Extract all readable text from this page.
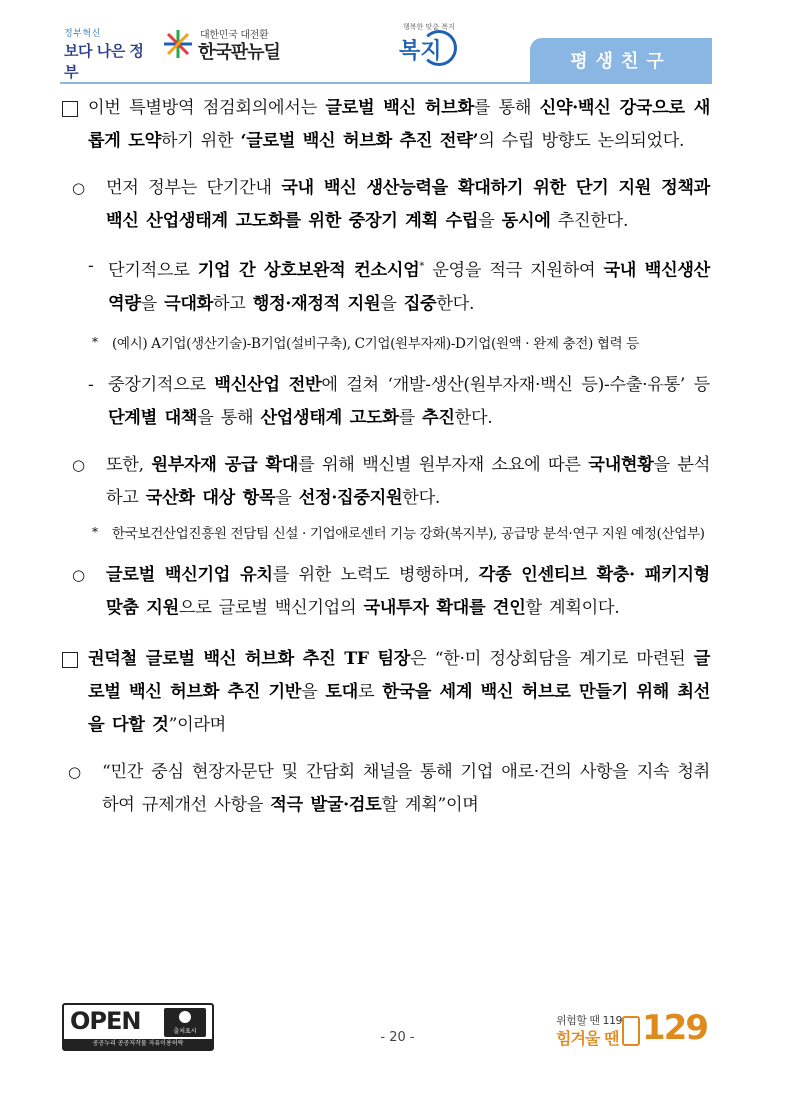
정부혁신
보다 나은 정부
대한민국 대전환
한국판뉴딜
행복한 맞춤 복지
복지	평생친구
이번 특별방역 점검회의에서는 글로벌 백신 허브화를 통해 신약·백신 강국으로 새롭게 도약하기 위한 ‘글로벌 백신 허브화 추진 전략’의 수립 방향도 논의되었다.
○ 먼저 정부는 단기간내 국내 백신 생산능력을 확대하기 위한 단기 지원 정책과 백신 산업생태계 고도화를 위한 중장기 계획 수립을 동시에 추진한다.
- 단기적으로 기업 간 상호보완적 컨소시엄* 운영을 적극 지원하여 국내 백신생산역량을 극대화하고 행정·재정적 지원을 집중한다.
* (예시) A기업(생산기술)-B기업(설비구축), C기업(원부자재)-D기업(원액 · 완제 충전) 협력 등
- 중장기적으로 백신산업 전반에 걸쳐 ‘개발-생산(원부자재·백신 등)-수출·유통’ 등 단계별 대책을 통해 산업생태계 고도화를 추진한다.
○ 또한, 원부자재 공급 확대를 위해 백신별 원부자재 소요에 따른 국내현황을 분석하고 국산화 대상 항목을 선정·집중지원한다.
* 한국보건산업진흥원 전담팀 신설 · 기업애로센터 기능 강화(복지부), 공급망 분석·연구 지원 예정(산업부)
○ 글로벌 백신기업 유치를 위한 노력도 병행하며, 각종 인센티브 확충· 패키지형 맞춤 지원으로 글로벌 백신기업의 국내투자 확대를 견인할 계획이다.
권덕철 글로벌 백신 허브화 추진 TF 팀장은 “한·미 정상회담을 계기로 마련된 글로벌 백신 허브화 추진 기반을 토대로 한국을 세계 백신 허브로 만들기 위해 최선을 다할 것”이라며
○ “민간 중심 현장자문단 및 간담회 채널을 통해 기업 애로·건의 사항을 지속 청취하여 규제개선 사항을 적극 발굴·검토할 계획”이며
OPEN	출처표시
공공누리 공공저작물 자유이용허락	- 20 -
위험할 땐 119
힘겨울 땐 129
